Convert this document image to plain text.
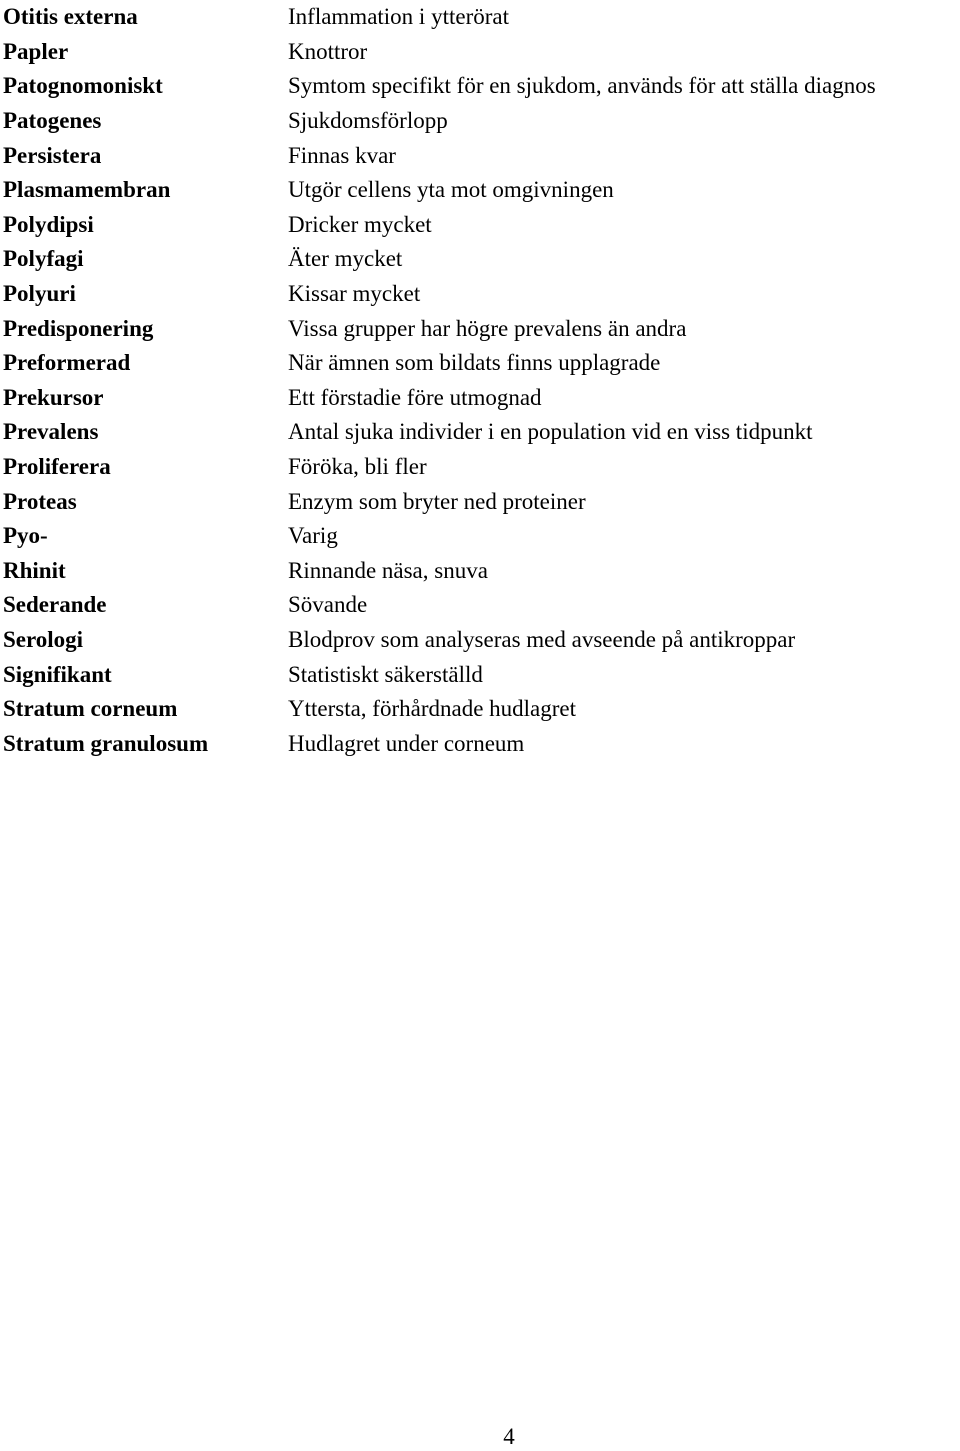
Otitis externa	Inflammation i ytterörat
Papler	Knottror
Patognomoniskt	Symtom specifikt för en sjukdom, används för att ställa diagnos
Patogenes	Sjukdomsförlopp
Persistera	Finnas kvar
Plasmamembran	Utgör cellens yta mot omgivningen
Polydipsi	Dricker mycket
Polyfagi	Äter mycket
Polyuri	Kissar mycket
Predisponering	Vissa grupper har högre prevalens än andra
Preformerad	När ämnen som bildats finns upplagrade
Prekursor	Ett förstadie före utmognad
Prevalens	Antal sjuka individer i en population vid en viss tidpunkt
Proliferera	Föröka, bli fler
Proteas	Enzym som bryter ned proteiner
Pyo-	Varig
Rhinit	Rinnande näsa, snuva
Sederande	Sövande
Serologi	Blodprov som analyseras med avseende på antikroppar
Signifikant	Statistiskt säkerställd
Stratum corneum	Yttersta, förhårdnade hudlagret
Stratum granulosum	Hudlagret under corneum
4
